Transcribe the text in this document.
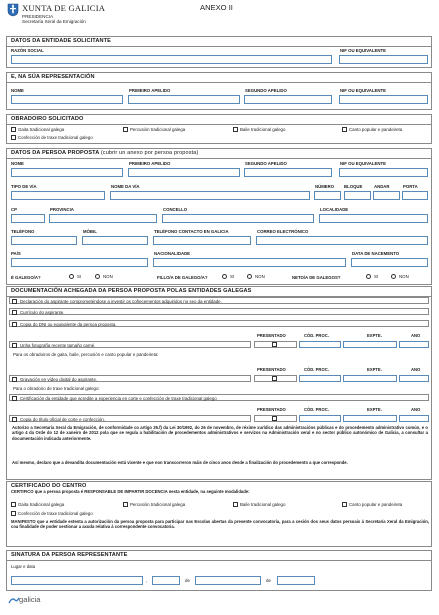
XUNTA DE GALICIA
PRESIDENCIA
Secretaría Xeral da Emigración
ANEXO II
DATOS DA ENTIDADE SOLICITANTE
RAZÓN SOCIAL	NIF OU EQUIVALENTE
E, NA SÚA REPRESENTACIÓN
NOME	PRIMEIRO APELIDO	SEGUNDO APELIDO	NIF OU EQUIVALENTE
OBRADOIRO SOLICITADO
Gaita tradicional galega	Percusión tradicional galega	Baile tradicional galego	Canto popular e pandeireta
Confección de traxe tradicional galego
DATOS DA PERSOA PROPOSTA (cubrir un anexo por persoa proposta)
NOME	PRIMEIRO APELIDO	SEGUNDO APELIDO	NIF OU EQUIVALENTE
TIPO DE VÍA	NOME DA VÍA	NÚMERO BLOQUE	ANDAR	PORTA
CP	PROVINCIA	CONCELLO	LOCALIDADE
TELÉFONO	MÓBIL	TELÉFONO CONTACTO EN GALICIA	CORREO ELECTRÓNICO
PAÍS	NACIONALIDADE	DATA DE NACEMENTO
É GALEGO/A?	SI	NON	FILLO/A DE GALEGO/A?	SI	NON	NETO/A DE GALEGOS?	SI	NON
DOCUMENTACIÓN ACHEGADA DA PERSOA PROPOSTA POLAS ENTIDADES GALEGAS
Declaración do aspirante comprometéndose a investir os coñecementos adquiridos no seo da entidade.
Currículo do aspirante.
Copia do DNI ou equivalente da persoa proposta.
PRESENTADO	CÓD. PROC.	EXPTE.	ANO
Unha fotografía recente tamaño carné.
Para os obradoiros de gaita, baile, percusión e canto popular e pandeireta:
PRESENTADO	CÓD. PROC.	EXPTE.	ANO
Gravación en vídeo dixital do aspirante.
Para o obradoiro de traxe tradicional galego:
Certificación da entidade que acredite a experiencia en corte e confección de traxe tradicional galego
PRESENTADO	CÓD. PROC.	EXPTE.	ANO
Copia do título oficial de corte e confección.
Autorizo a Secretaría Xeral da Emigración, de conformidade co artigo 35.f) da Lei 30/1992, do 26 de novembro, de réxime xurídico das administracións públicas e do procedemento administrativo común, e o artigo 4 da Orde do 12 de xaneiro de 2012 pola que se regula a habilitación de procedementos administrativos e servizos na Administración xeral e no sector público autonómico de Galicia, a consultar a documentación indicada anteriormente.
Así mesmo, declaro que a devandita documentación está vixente e que non transcorreron máis de cinco anos desde a finalización do procedemento a que corresponde.
CERTIFICADO DO CENTRO
CERTIFICO que a persoa proposta é RESPONSABLE DE IMPARTIR DOCENCIA nesta entidade, na seguinte modalidade:
Gaita tradicional galega	Percusión tradicional galega	Baile tradicional galego	Canto popular e pandeireta
Confección de traxe tradicional galego
MANIFESTO que a entidade estenta a autorización da persoa proposta para participar nas Escolas abertas da presente convocatoria, para a cesión dos seus datos persoais á Secretaría Xeral da Emigración, coa finalidade de poder xestionar a axuda relativa á correspondente convocatoria.
SINATURA DA PERSOA REPRESENTANTE
Lugar e data
,	de	de
galicia
